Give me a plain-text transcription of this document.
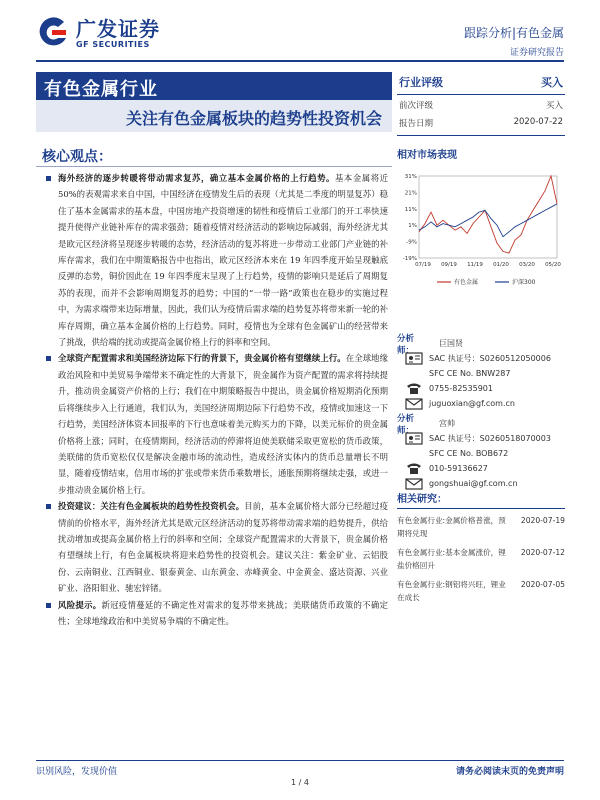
广发证券
GF SECURITIES
跟踪分析|有色金属
证券研究报告
有色金属行业
关注有色金属板块的趋势性投资机会
行业评级	买入
前次评级	买入
报告日期	2020-07-22
核心观点：

海外经济的逐步转暖将带动需求复苏，确立基本金属价格的上行趋势。基本金属将近 50%的表观需求来自中国，中国经济在疫情发生后的表现（尤其是二季度的明显复苏）稳住了基本金属需求的基本盘，中国房地产投资增速的韧性和疫情后工业部门的开工率快速提升使得产业链补库存的需求强劲；随着疫情对经济活动的影响边际减弱，海外经济尤其是欧元区经济将呈现逐步转暖的态势，经济活动的复苏将进一步带动工业部门产业链的补库存需求，我们在中期策略报告中也指出，欧元区经济本来在 19 年四季度开始呈现触底反弹的态势，铜价因此在 19 年四季度末呈现了上行趋势，疫情的影响只是延后了周期复苏的表现，而并不会影响周期复苏的趋势；中国的“一带一路”政策也在稳步的实施过程中，为需求端带来边际增量，因此，我们认为疫情后需求端的趋势复苏将带来新一轮的补库存周期，确立基本金属价格的上行趋势。同时，疫情也为全球有色金属矿山的经营带来了挑战，供给端的扰动或提高金属价格上行的斜率和空间。

全球资产配置需求和美国经济边际下行的背景下，贵金属价格有望继续上行。在全球地缘政治风险和中美贸易争端带来不确定性的大背景下，贵金属作为资产配置的需求将持续提升，推动贵金属资产价格的上行；我们在中期策略报告中提出，贵金属价格短期消化预期后将继续步入上行通道，我们认为，美国经济周期边际下行趋势不改，疫情或加速这一下行趋势，美国经济体资本回报率的下行也意味着美元购买力的下降，以美元标价的贵金属价格将上涨；同时，在疫情期间，经济活动的停滞将迫使美联储采取更宽松的货币政策，美联储的货币宽松仅仅是解决金融市场的流动性，造成经济实体内的货币总量增长不明显，随着疫情结束，信用市场的扩张或带来货币乘数增长，通胀预期将继续走强，或进一步推动贵金属价格上行。

投资建议：关注有色金属板块的趋势性投资机会。目前，基本金属价格大部分已经超过疫情前的价格水平，海外经济尤其是欧元区经济活动的复苏将带动需求端的趋势提升，供给扰动增加或提高金属价格上行的斜率和空间；全球资产配置需求的大背景下，贵金属价格有望继续上行，有色金属板块将迎来趋势性的投资机会。建议关注：紫金矿业、云铝股份、云南铜业、江西铜业、银泰黄金、山东黄金、赤峰黄金、中金黄金、盛达资源、兴业矿业、洛阳钼业、驰宏锌锗。

风险提示。新冠疫情蔓延的不确定性对需求的复苏带来挑战；美联储货币政策的不确定性；全球地缘政治和中美贸易争端的不确定性。

相对市场表现
31%
21%
11%
1%
-9%
-19%
07/19 09/19 11/19 01/20 03/20 05/20
有色金属	沪深300
分析师：
巨国贤
SAC 执证号：S0260512050006
SFC CE No. BNW287
0755-82535901
juguoxian@gf.com.cn
分析师：
宫帅
SAC 执证号：S0260518070003
SFC CE No. BOB672
010-59136627
gongshuai@gf.com.cn
相关研究：
有色金属行业:金属价格普涨，预期将兑现
2020-07-19
有色金属行业:基本金属涨价，锂盐价格回升
2020-07-12
有色金属行业:钢铝将兴旺，锂业在成长
2020-07-05
识别风险，发现价值	请务必阅读末页的免责声明
1 / 4
